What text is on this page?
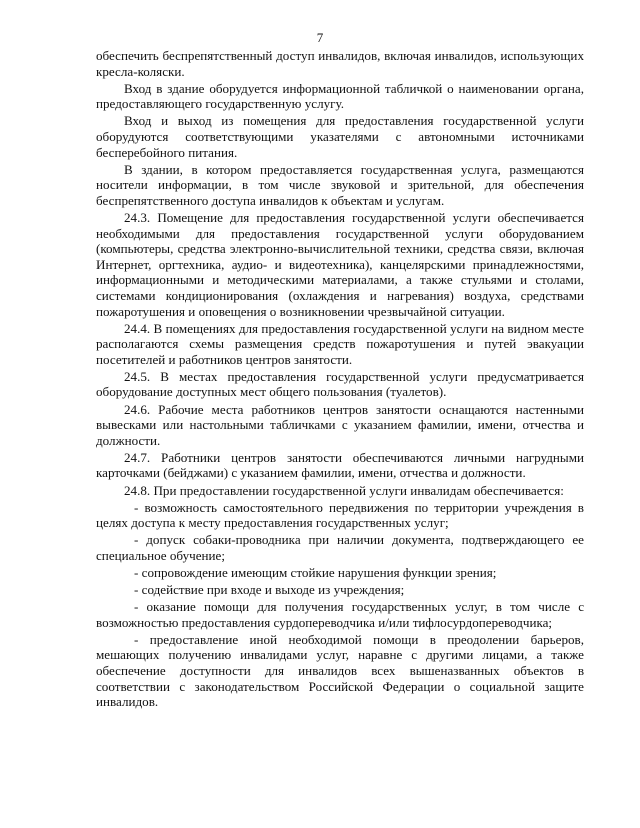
7

обеспечить беспрепятственный доступ инвалидов, включая инвалидов, использующих кресла-коляски.

Вход в здание оборудуется информационной табличкой о наименовании органа, предоставляющего государственную услугу.

Вход и выход из помещения для предоставления государственной услуги оборудуются соответствующими указателями с автономными источниками бесперебойного питания.

В здании, в котором предоставляется государственная услуга, размещаются носители информации, в том числе звуковой и зрительной, для обеспечения беспрепятственного доступа инвалидов к объектам и услугам.

24.3. Помещение для предоставления государственной услуги обеспечивается необходимыми для предоставления государственной услуги оборудованием (компьютеры, средства электронно-вычислительной техники, средства связи, включая Интернет, оргтехника, аудио- и видеотехника), канцелярскими принадлежностями, информационными и методическими материалами, а также стульями и столами, системами кондиционирования (охлаждения и нагревания) воздуха, средствами пожаротушения и оповещения о возникновении чрезвычайной ситуации.

24.4. В помещениях для предоставления государственной услуги на видном месте располагаются схемы размещения средств пожаротушения и путей эвакуации посетителей и работников центров занятости.

24.5. В местах предоставления государственной услуги предусматривается оборудование доступных мест общего пользования (туалетов).

24.6. Рабочие места работников центров занятости оснащаются настенными вывесками или настольными табличками с указанием фамилии, имени, отчества и должности.

24.7. Работники центров занятости обеспечиваются личными нагрудными карточками (бейджами) с указанием фамилии, имени, отчества и должности.

24.8. При предоставлении государственной услуги инвалидам обеспечивается:

- возможность самостоятельного передвижения по территории учреждения в целях доступа к месту предоставления государственных услуг;

- допуск собаки-проводника при наличии документа, подтверждающего ее специальное обучение;

- сопровождение имеющим стойкие нарушения функции зрения;

- содействие при входе и выходе из учреждения;

- оказание помощи для получения государственных услуг, в том числе с возможностью предоставления сурдопереводчика и/или тифлосурдопереводчика;

- предоставление иной необходимой помощи в преодолении барьеров, мешающих получению инвалидами услуг, наравне с другими лицами, а также обеспечение доступности для инвалидов всех вышеназванных объектов в соответствии с законодательством Российской Федерации о социальной защите инвалидов.
